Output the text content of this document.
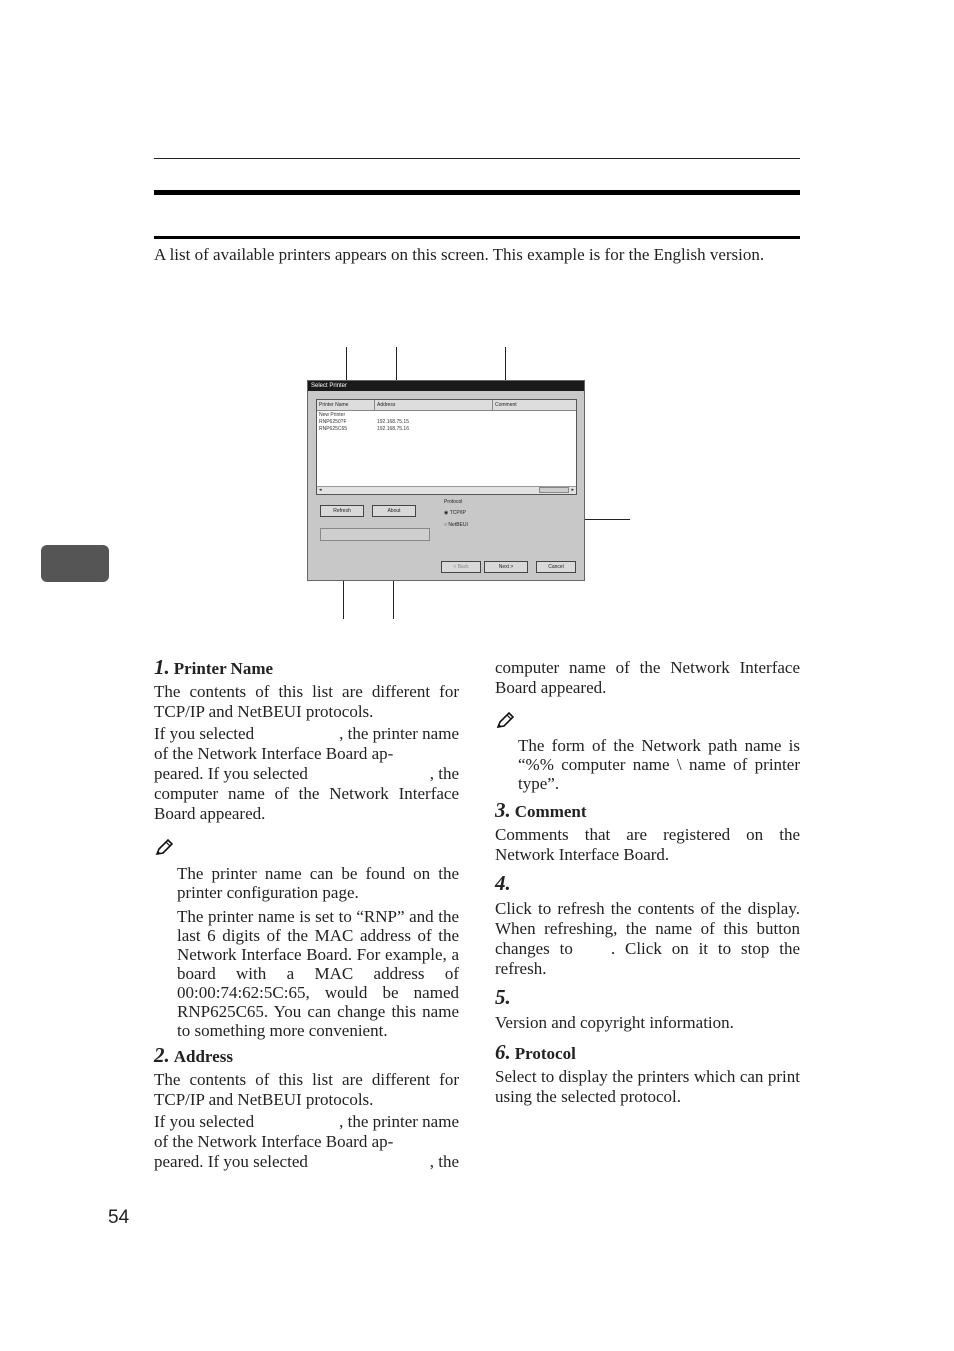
A list of available printers appears on this screen. This example is for the English version.

Select Printer
Printer Name	Address	Comment
New Printer
RNP6250?F	192.168.75.15
RNP625C65	192.168.75.16
◂	▸
Refresh	About
Protocol
◉ TCP/IP
○ NetBEUI
< Back	Next >	Cancel
1. Printer Name

The contents of this list are different for TCP/IP and NetBEUI protocols.

If you selected	, the printer name
of the Network Interface Board ap-
peared. If you selected	, the

computer name of the Network Interface Board appeared.

The printer name can be found on the printer configuration page.
The printer name is set to “RNP” and the last 6 digits of the MAC address of the Network Interface Board. For example, a board with a MAC address of 00:00:74:62:5C:65, would be named RNP625C65. You can change this name to something more convenient.
2. Address

The contents of this list are different for TCP/IP and NetBEUI protocols.

If you selected	, the printer name
of the Network Interface Board ap-
peared. If you selected	, the
computer name of the Network Interface Board appeared.
The form of the Network path name is “%% computer name \ name of printer type”.
3. Comment
Comments that are registered on the Network Interface Board.
4.
Click to refresh the contents of the display. When refreshing, the name of this button changes to . Click on it to stop the refresh.
5.
Version and copyright information.
6. Protocol
Select to display the printers which can print using the selected protocol.
54
